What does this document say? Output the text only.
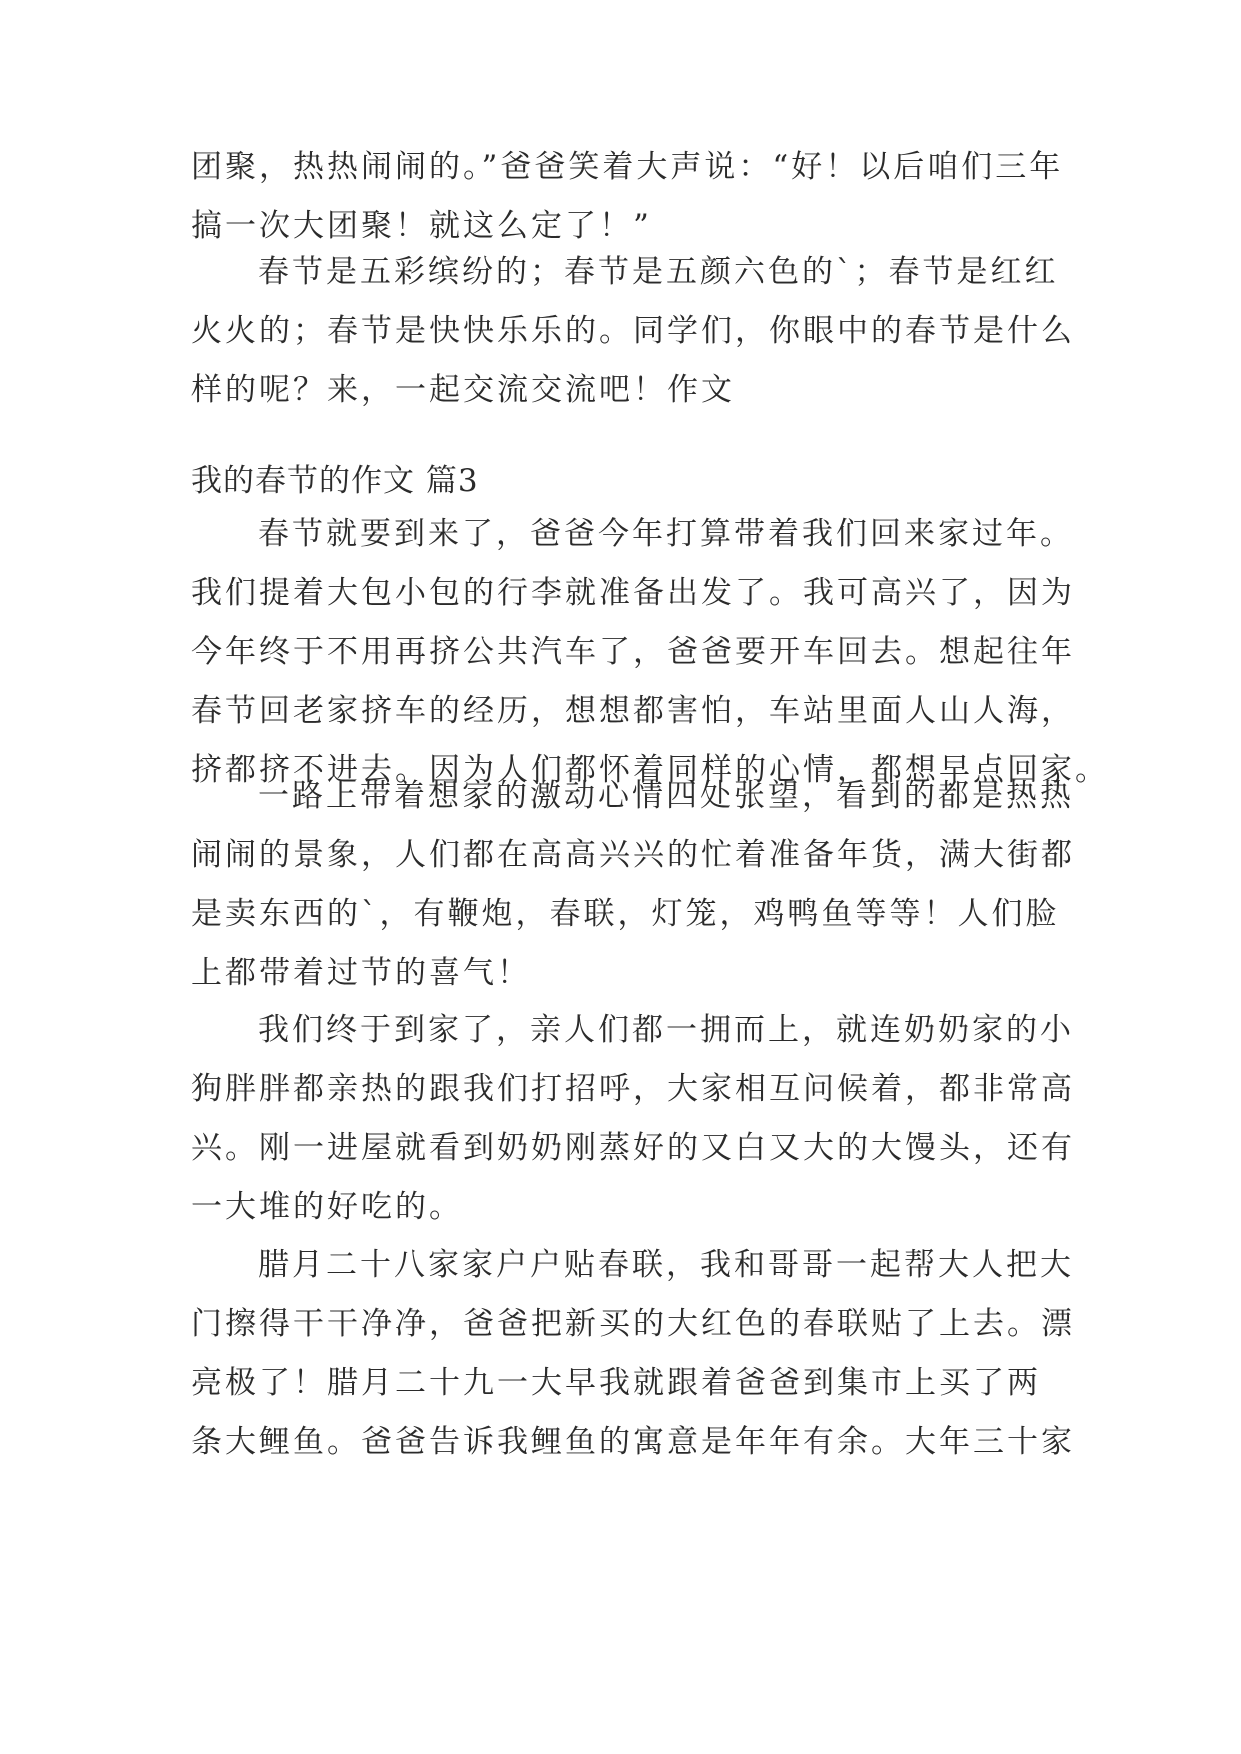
团聚，热热闹闹的。”爸爸笑着大声说：“好！以后咱们三年
搞一次大团聚！就这么定了！”
春节是五彩缤纷的；春节是五颜六色的`；春节是红红
火火的；春节是快快乐乐的。同学们，你眼中的春节是什么
样的呢？来，一起交流交流吧！作文
我的春节的作文 篇3
春节就要到来了，爸爸今年打算带着我们回来家过年。
我们提着大包小包的行李就准备出发了。我可高兴了，因为
今年终于不用再挤公共汽车了，爸爸要开车回去。想起往年
春节回老家挤车的经历，想想都害怕，车站里面人山人海，
挤都挤不进去。因为人们都怀着同样的心情，都想早点回家。
一路上带着想家的激动心情四处张望，看到的都是热热
闹闹的景象，人们都在高高兴兴的忙着准备年货，满大街都
是卖东西的`，有鞭炮，春联，灯笼，鸡鸭鱼等等！人们脸
上都带着过节的喜气！
我们终于到家了，亲人们都一拥而上，就连奶奶家的小
狗胖胖都亲热的跟我们打招呼，大家相互问候着，都非常高
兴。刚一进屋就看到奶奶刚蒸好的又白又大的大馒头，还有
一大堆的好吃的。
腊月二十八家家户户贴春联，我和哥哥一起帮大人把大
门擦得干干净净，爸爸把新买的大红色的春联贴了上去。漂
亮极了！腊月二十九一大早我就跟着爸爸到集市上买了两
条大鲤鱼。爸爸告诉我鲤鱼的寓意是年年有余。大年三十家
